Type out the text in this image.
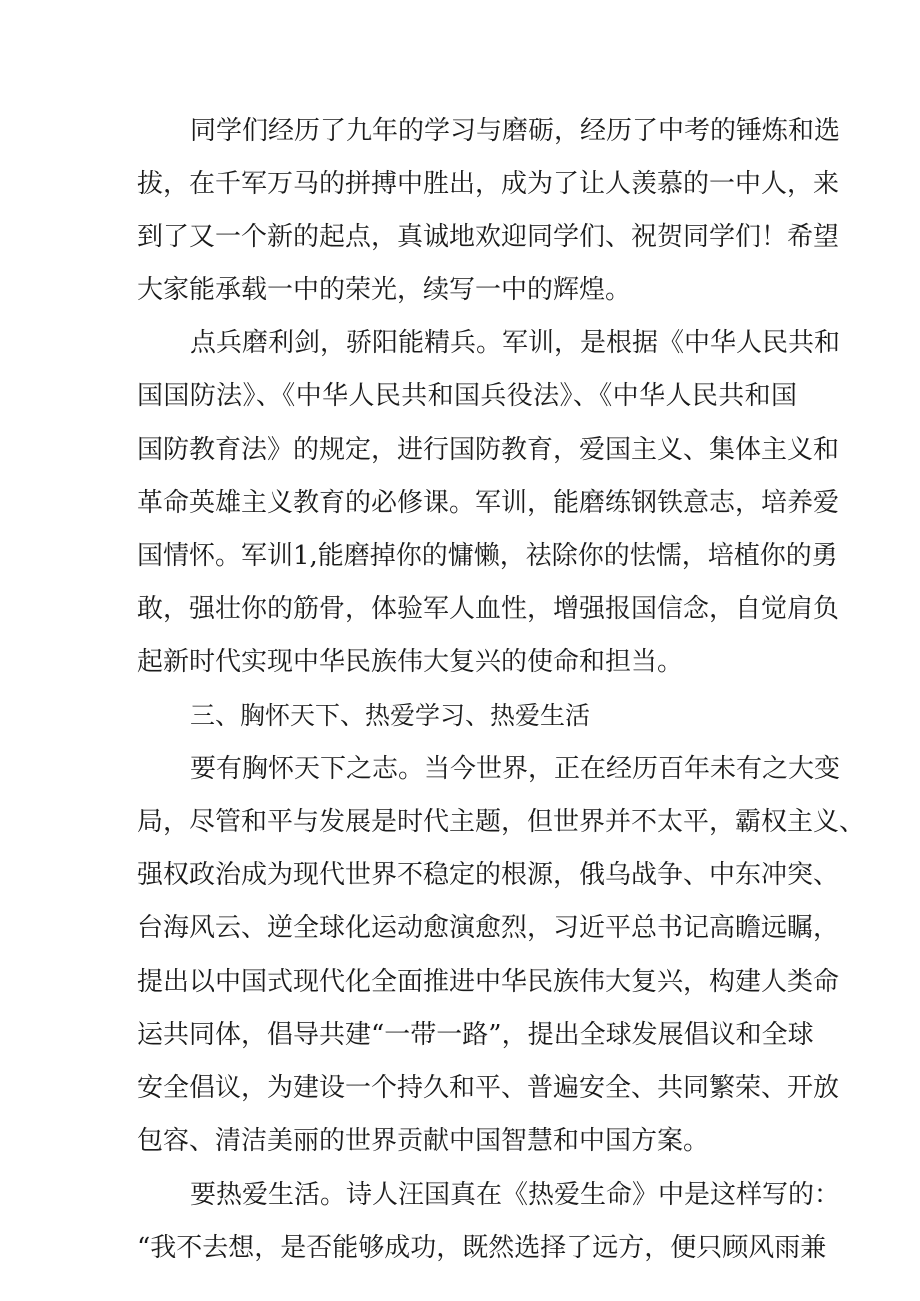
同学们经历了九年的学习与磨砺，经历了中考的锤炼和选
拔，在千军万马的拼搏中胜出，成为了让人羡慕的一中人，来
到了又一个新的起点，真诚地欢迎同学们、祝贺同学们！希望
大家能承载一中的荣光，续写一中的辉煌。
点兵磨利剑，骄阳能精兵。军训，是根据《中华人民共和
国国防法》、《中华人民共和国兵役法》、《中华人民共和国
国防教育法》的规定，进行国防教育，爱国主义、集体主义和
革命英雄主义教育的必修课。军训，能磨练钢铁意志，培养爱
国情怀。军训1,能磨掉你的慵懒，祛除你的怯懦，培植你的勇
敢，强壮你的筋骨，体验军人血性，增强报国信念，自觉肩负
起新时代实现中华民族伟大复兴的使命和担当。
三、胸怀天下、热爱学习、热爱生活
要有胸怀天下之志。当今世界，正在经历百年未有之大变
局，尽管和平与发展是时代主题，但世界并不太平，霸权主义、
强权政治成为现代世界不稳定的根源，俄乌战争、中东冲突、
台海风云、逆全球化运动愈演愈烈，习近平总书记高瞻远瞩，
提出以中国式现代化全面推进中华民族伟大复兴，构建人类命
运共同体，倡导共建“一带一路”，提出全球发展倡议和全球
安全倡议，为建设一个持久和平、普遍安全、共同繁荣、开放
包容、清洁美丽的世界贡献中国智慧和中国方案。
要热爱生活。诗人汪国真在《热爱生命》中是这样写的：
“我不去想，是否能够成功，既然选择了远方，便只顾风雨兼
